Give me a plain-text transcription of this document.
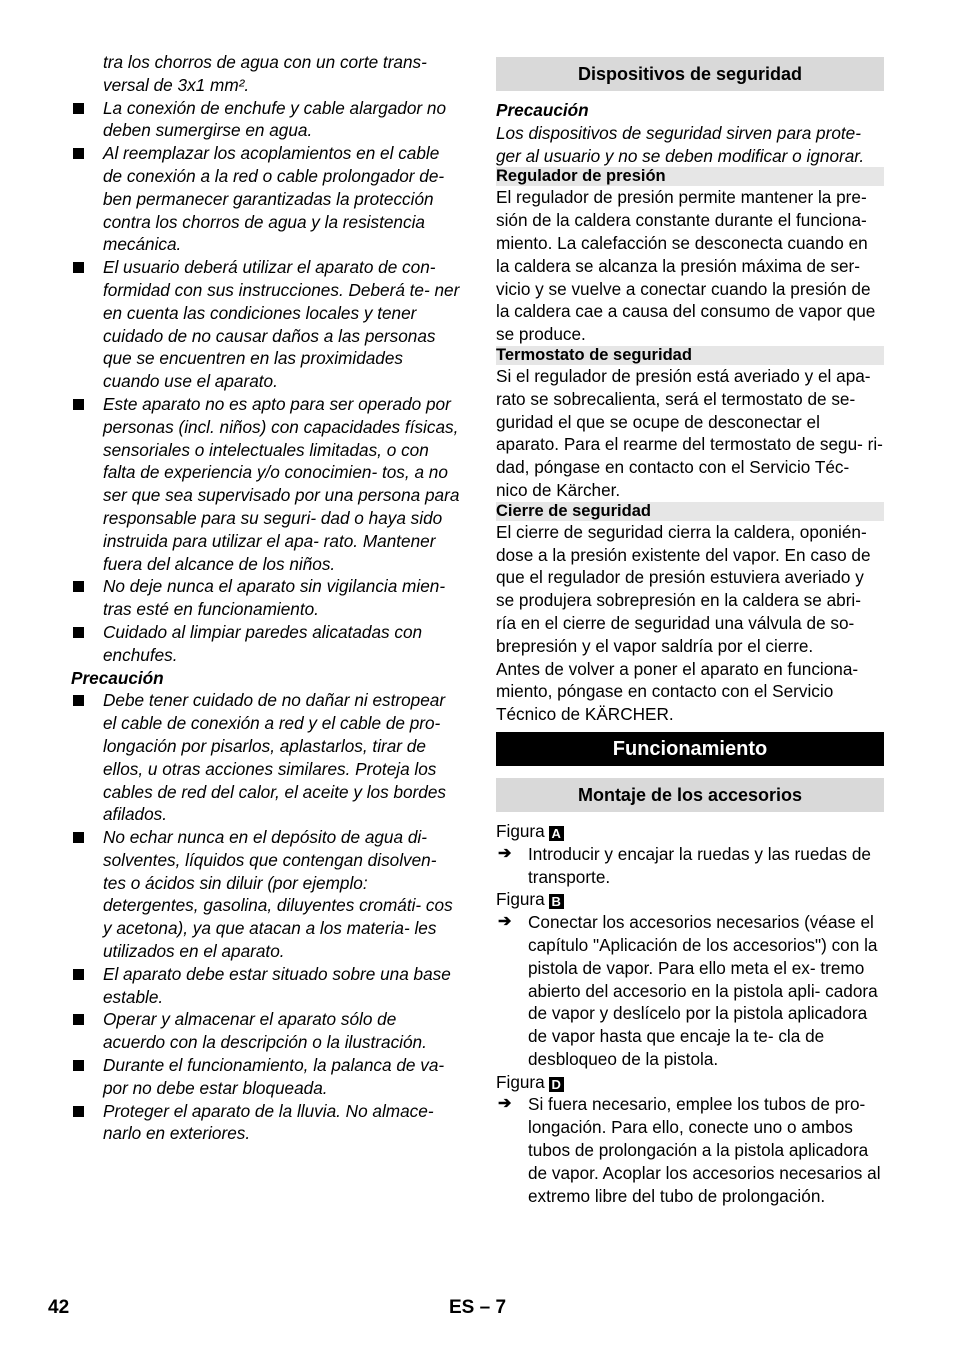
tra los chorros de agua con un corte trans- versal de 3x1 mm².
La conexión de enchufe y cable alargador no deben sumergirse en agua.
Al reemplazar los acoplamientos en el cable de conexión a la red o cable prolongador de- ben permanecer garantizadas la protección contra los chorros de agua y la resistencia mecánica.
El usuario deberá utilizar el aparato de con- formidad con sus instrucciones. Deberá te- ner en cuenta las condiciones locales y tener cuidado de no causar daños a las personas que se encuentren en las proximidades cuando use el aparato.
Este aparato no es apto para ser operado por personas (incl. niños) con capacidades físicas, sensoriales o intelectuales limitadas, o con falta de experiencia y/o conocimien- tos, a no ser que sea supervisado por una persona para responsable para su seguri- dad o haya sido instruida para utilizar el apa- rato. Mantener fuera del alcance de los niños.
No deje nunca el aparato sin vigilancia mien- tras esté en funcionamiento.
Cuidado al limpiar paredes alicatadas con enchufes.
Precaución
Debe tener cuidado de no dañar ni estropear el cable de conexión a red y el cable de pro- longación por pisarlos, aplastarlos, tirar de ellos, u otras acciones similares. Proteja los cables de red del calor, el aceite y los bordes afilados.
No echar nunca en el depósito de agua di- solventes, líquidos que contengan disolven- tes o ácidos sin diluir (por ejemplo: detergentes, gasolina, diluyentes cromáti- cos y acetona), ya que atacan a los materia- les utilizados en el aparato.
El aparato debe estar situado sobre una base estable.
Operar y almacenar el aparato sólo de acuerdo con la descripción o la ilustración.
Durante el funcionamiento, la palanca de va- por no debe estar bloqueada.
Proteger el aparato de la lluvia. No almace- narlo en exteriores.
Dispositivos de seguridad
Precaución
Los dispositivos de seguridad sirven para prote- ger al usuario y no se deben modificar o ignorar.
Regulador de presión
El regulador de presión permite mantener la pre- sión de la caldera constante durante el funciona- miento. La calefacción se desconecta cuando en la caldera se alcanza la presión máxima de ser- vicio y se vuelve a conectar cuando la presión de la caldera cae a causa del consumo de vapor que se produce.
Termostato de seguridad
Si el regulador de presión está averiado y el apa- rato se sobrecalienta, será el termostato de se- guridad el que se ocupe de desconectar el aparato. Para el rearme del termostato de segu- ri-dad, póngase en contacto con el Servicio Téc- nico de Kärcher.
Cierre de seguridad
El cierre de seguridad cierra la caldera, oponién- dose a la presión existente del vapor. En caso de que el regulador de presión estuviera averiado y se produjera sobrepresión en la caldera se abri- ría en el cierre de seguridad una válvula de so- brepresión y el vapor saldría por el cierre.
Antes de volver a poner el aparato en funciona- miento, póngase en contacto con el Servicio Técnico de KÄRCHER.
Funcionamiento
Montaje de los accesorios
Figura A
➔ Introducir y encajar la ruedas y las ruedas de transporte.
Figura B
➔ Conectar los accesorios necesarios (véase el capítulo "Aplicación de los accesorios") con la pistola de vapor. Para ello meta el ex- tremo abierto del accesorio en la pistola apli- cadora de vapor y deslícelo por la pistola aplicadora de vapor hasta que encaje la te- cla de desbloqueo de la pistola.
Figura D
➔ Si fuera necesario, emplee los tubos de pro- longación. Para ello, conecte uno o ambos tubos de prolongación a la pistola aplicadora de vapor. Acoplar los accesorios necesarios al extremo libre del tubo de prolongación.
42	ES – 7
